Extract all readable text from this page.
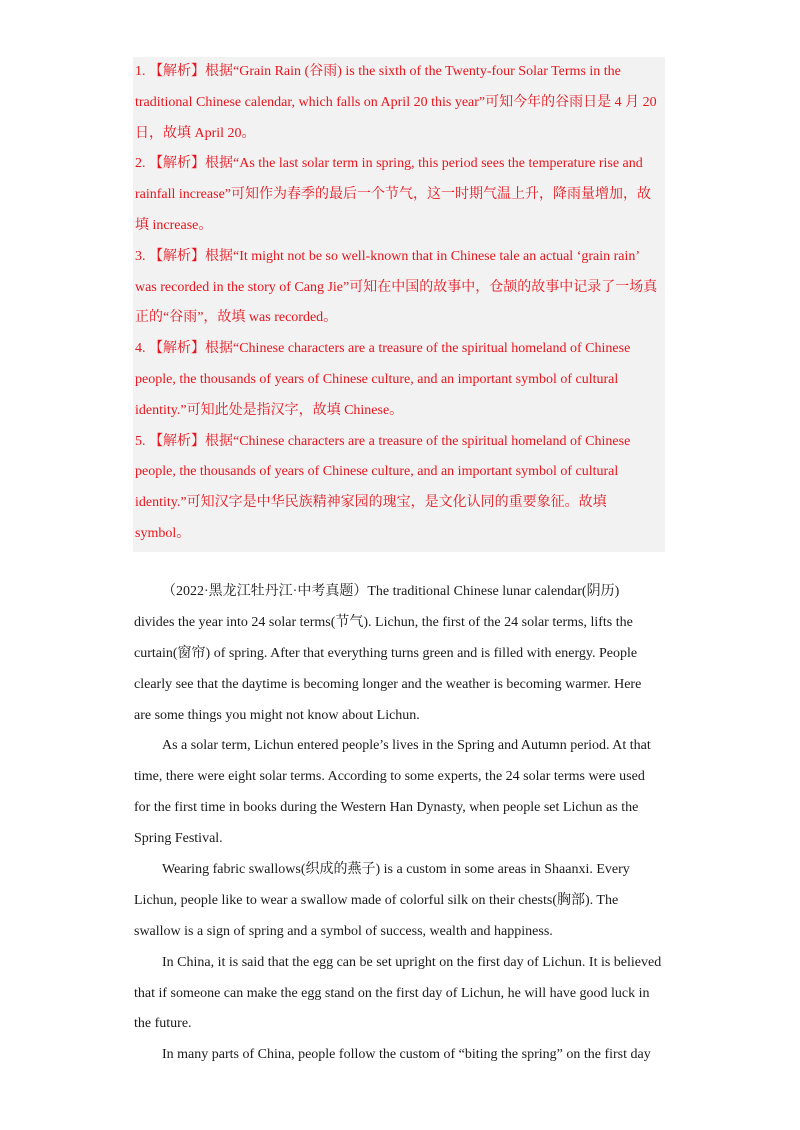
1. 【解析】根据“Grain Rain (谷雨) is the sixth of the Twenty-four Solar Terms in the
traditional Chinese calendar, which falls on April 20 this year”可知今年的谷雨日是 4 月 20
日，故填 April 20。
2. 【解析】根据“As the last solar term in spring, this period sees the temperature rise and
rainfall increase”可知作为春季的最后一个节气，这一时期气温上升，降雨量增加，故
填 increase。
3. 【解析】根据“It might not be so well-known that in Chinese tale an actual ‘grain rain’
was recorded in the story of Cang Jie”可知在中国的故事中，仓颉的故事中记录了一场真
正的“谷雨”，故填 was recorded。
4. 【解析】根据“Chinese characters are a treasure of the spiritual homeland of Chinese
people, the thousands of years of Chinese culture, and an important symbol of cultural
identity.”可知此处是指汉字，故填 Chinese。
5. 【解析】根据“Chinese characters are a treasure of the spiritual homeland of Chinese
people, the thousands of years of Chinese culture, and an important symbol of cultural
identity.”可知汉字是中华民族精神家园的瑰宝，是文化认同的重要象征。故填
symbol。
（2022·黑龙江牡丹江·中考真题）The traditional Chinese lunar calendar(阴历)
divides the year into 24 solar terms(节气). Lichun, the first of the 24 solar terms, lifts the
curtain(窗帘) of spring. After that everything turns green and is filled with energy. People
clearly see that the daytime is becoming longer and the weather is becoming warmer. Here
are some things you might not know about Lichun.
As a solar term, Lichun entered people’s lives in the Spring and Autumn period. At that
time, there were eight solar terms. According to some experts, the 24 solar terms were used
for the first time in books during the Western Han Dynasty, when people set Lichun as the
Spring Festival.
Wearing fabric swallows(织成的燕子) is a custom in some areas in Shaanxi. Every
Lichun, people like to wear a swallow made of colorful silk on their chests(胸部). The
swallow is a sign of spring and a symbol of success, wealth and happiness.
In China, it is said that the egg can be set upright on the first day of Lichun. It is believed
that if someone can make the egg stand on the first day of Lichun, he will have good luck in
the future.
In many parts of China, people follow the custom of “biting the spring” on the first day
